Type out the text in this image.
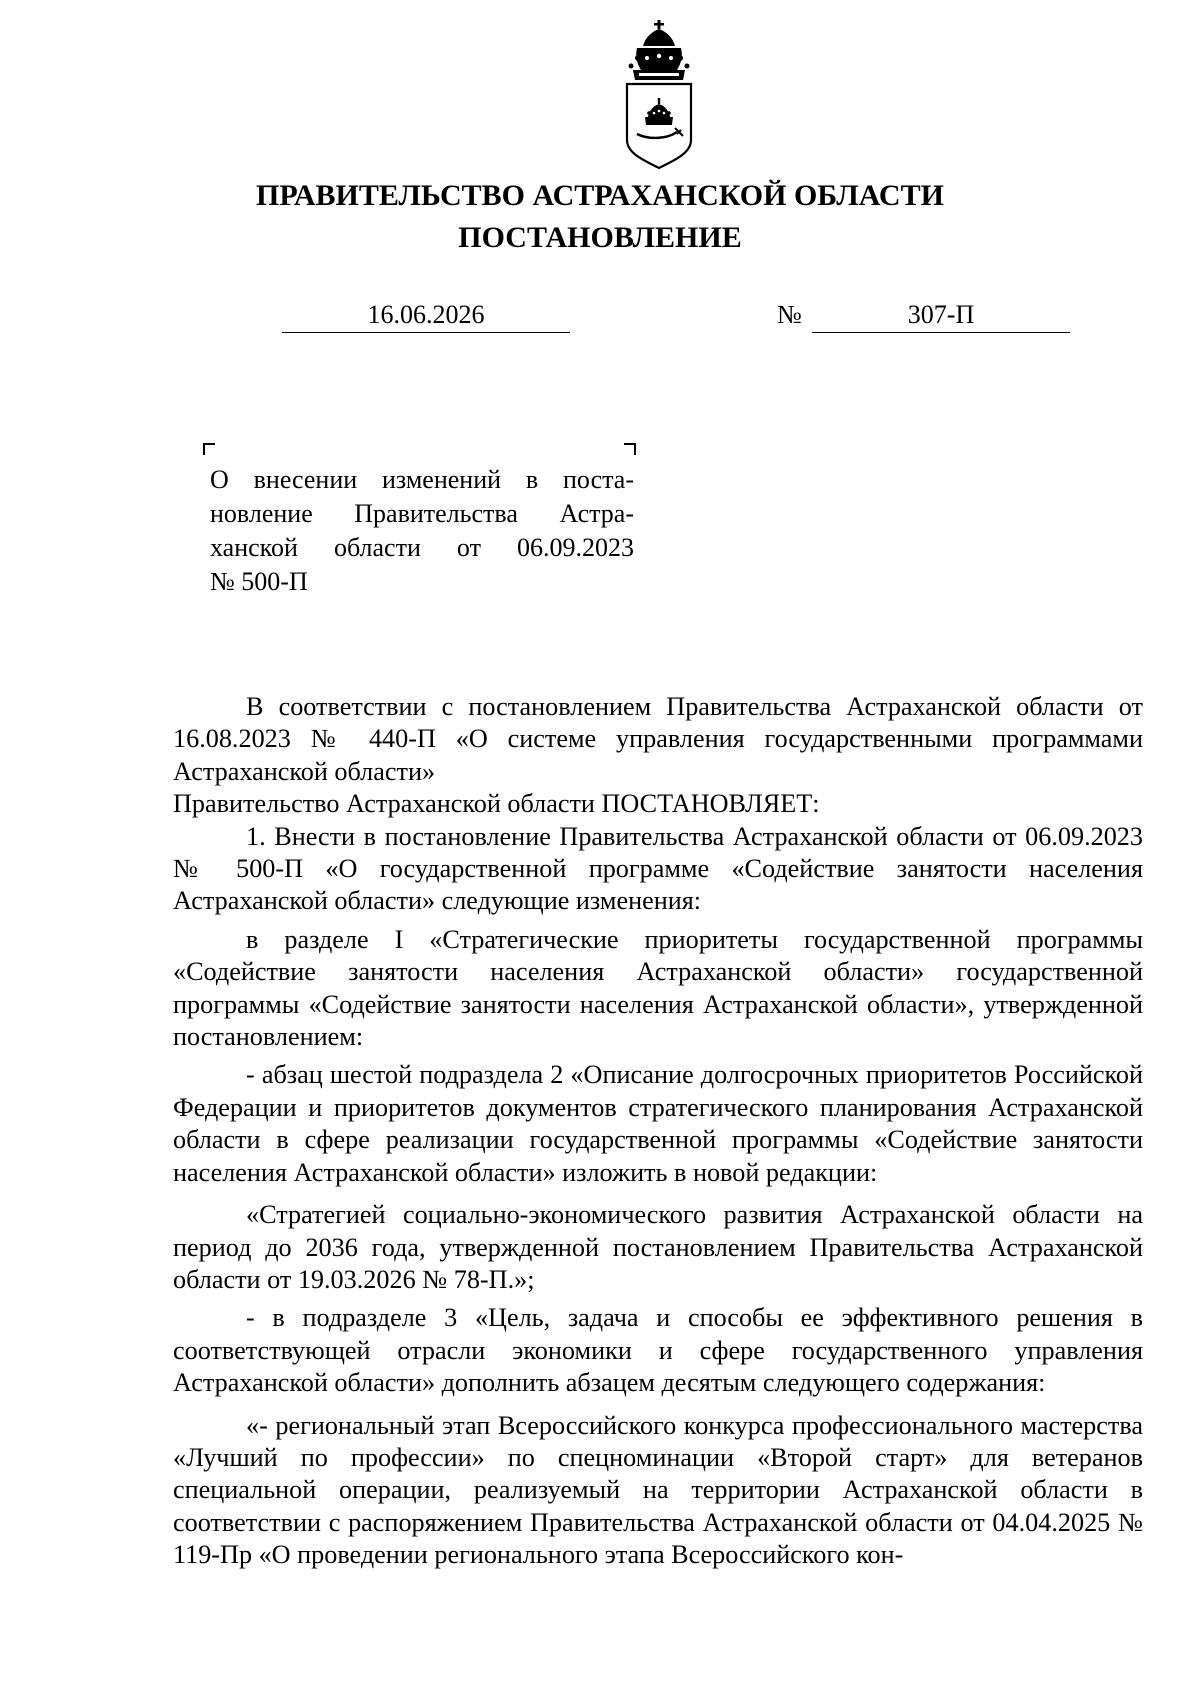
ПРАВИТЕЛЬСТВО АСТРАХАНСКОЙ ОБЛАСТИ
ПОСТАНОВЛЕНИЕ
16.06.2026	№	307-П
О внесении изменений в поста-
новление Правительства Астра-
ханской области от 06.09.2023
№ 500-П

В соответствии с постановлением Правительства Астраханской области от 16.08.2023 № 440-П «О системе управления государственными программами Астраханской области»

Правительство Астраханской области ПОСТАНОВЛЯЕТ:

1. Внести в постановление Правительства Астраханской области от 06.09.2023 № 500-П «О государственной программе «Содействие занятости населения Астраханской области» следующие изменения:

в разделе I «Стратегические приоритеты государственной программы «Содействие занятости населения Астраханской области» государственной программы «Содействие занятости населения Астраханской области», утвержденной постановлением:

- абзац шестой подраздела 2 «Описание долгосрочных приоритетов Российской Федерации и приоритетов документов стратегического планирования Астраханской области в сфере реализации государственной программы «Содействие занятости населения Астраханской области» изложить в новой редакции:

«Стратегией социально-экономического развития Астраханской области на период до 2036 года, утвержденной постановлением Правительства Астраханской области от 19.03.2026 № 78-П.»;

- в подразделе 3 «Цель, задача и способы ее эффективного решения в соответствующей отрасли экономики и сфере государственного управления Астраханской области» дополнить абзацем десятым следующего содержания:

«- региональный этап Всероссийского конкурса профессионального мастерства «Лучший по профессии» по спецноминации «Второй старт» для ветеранов специальной операции, реализуемый на территории Астраханской области в соответствии с распоряжением Правительства Астраханской области от 04.04.2025 № 119-Пр «О проведении регионального этапа Всероссийского кон-
